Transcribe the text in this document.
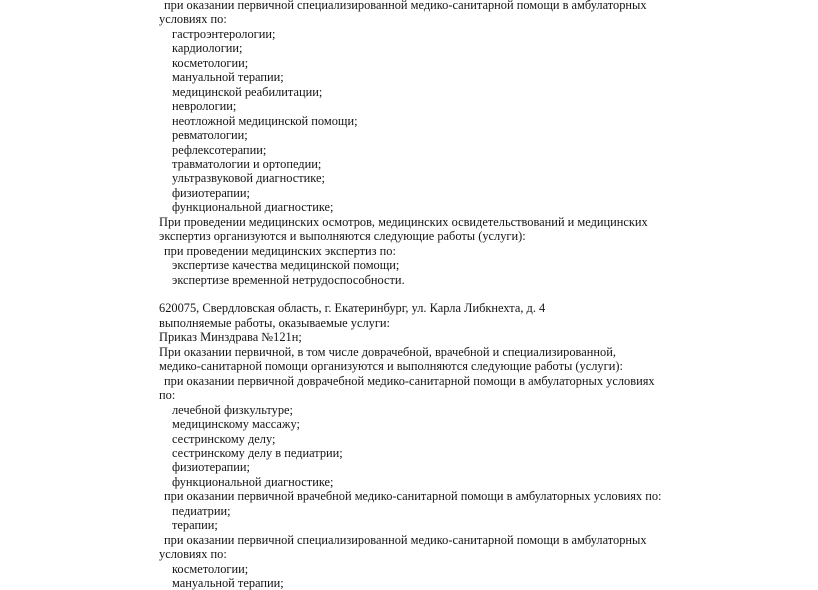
при оказании первичной специализированной медико-санитарной помощи в амбулаторных
условиях по:
гастроэнтерологии;
кардиологии;
косметологии;
мануальной терапии;
медицинской реабилитации;
неврологии;
неотложной медицинской помощи;
ревматологии;
рефлексотерапии;
травматологии и ортопедии;
ультразвуковой диагностике;
физиотерапии;
функциональной диагностике;
При проведении медицинских осмотров, медицинских освидетельствований и медицинских
экспертиз организуются и выполняются следующие работы (услуги):
при проведении медицинских экспертиз по:
экспертизе качества медицинской помощи;
экспертизе временной нетрудоспособности.
620075, Свердловская область, г. Екатеринбург, ул. Карла Либкнехта, д. 4
выполняемые работы, оказываемые услуги:
Приказ Минздрава №121н;
При оказании первичной, в том числе доврачебной, врачебной и специализированной,
медико-санитарной помощи организуются и выполняются следующие работы (услуги):
при оказании первичной доврачебной медико-санитарной помощи в амбулаторных условиях
по:
лечебной физкультуре;
медицинскому массажу;
сестринскому делу;
сестринскому делу в педиатрии;
физиотерапии;
функциональной диагностике;
при оказании первичной врачебной медико-санитарной помощи в амбулаторных условиях по:
педиатрии;
терапии;
при оказании первичной специализированной медико-санитарной помощи в амбулаторных
условиях по:
косметологии;
мануальной терапии;
